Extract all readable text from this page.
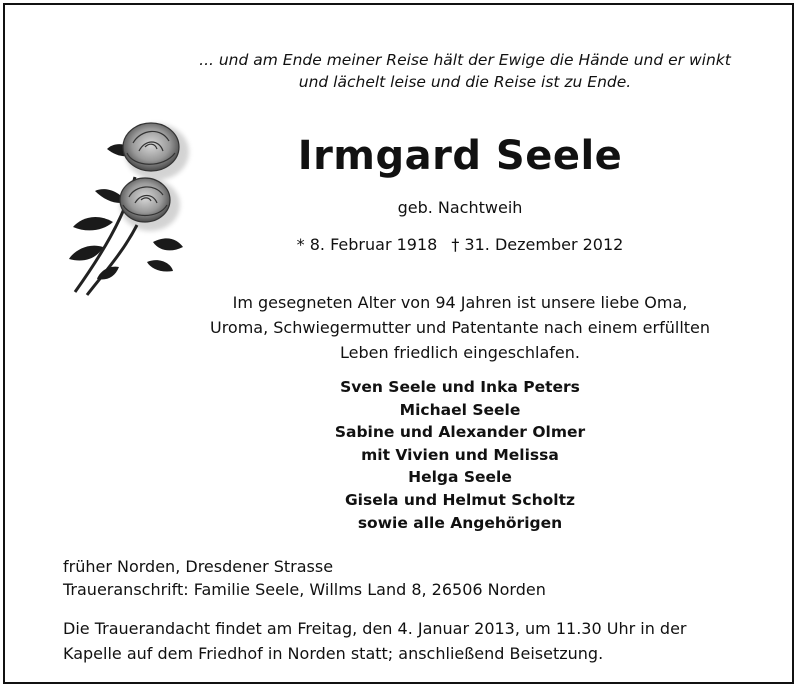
... und am Ende meiner Reise hält der Ewige die Hände und er winkt
und lächelt leise und die Reise ist zu Ende.
Irmgard Seele
geb. Nachtweih
* 8. Februar 1918 † 31. Dezember 2012
Im gesegneten Alter von 94 Jahren ist unsere liebe Oma,
Uroma, Schwiegermutter und Patentante nach einem erfüllten
Leben friedlich eingeschlafen.
Sven Seele und Inka Peters
Michael Seele
Sabine und Alexander Olmer
mit Vivien und Melissa
Helga Seele
Gisela und Helmut Scholtz
sowie alle Angehörigen
früher Norden, Dresdener Strasse
Traueranschrift: Familie Seele, Willms Land 8, 26506 Norden
Die Trauerandacht findet am Freitag, den 4. Januar 2013, um 11.30 Uhr in der
Kapelle auf dem Friedhof in Norden statt; anschließend Beisetzung.
